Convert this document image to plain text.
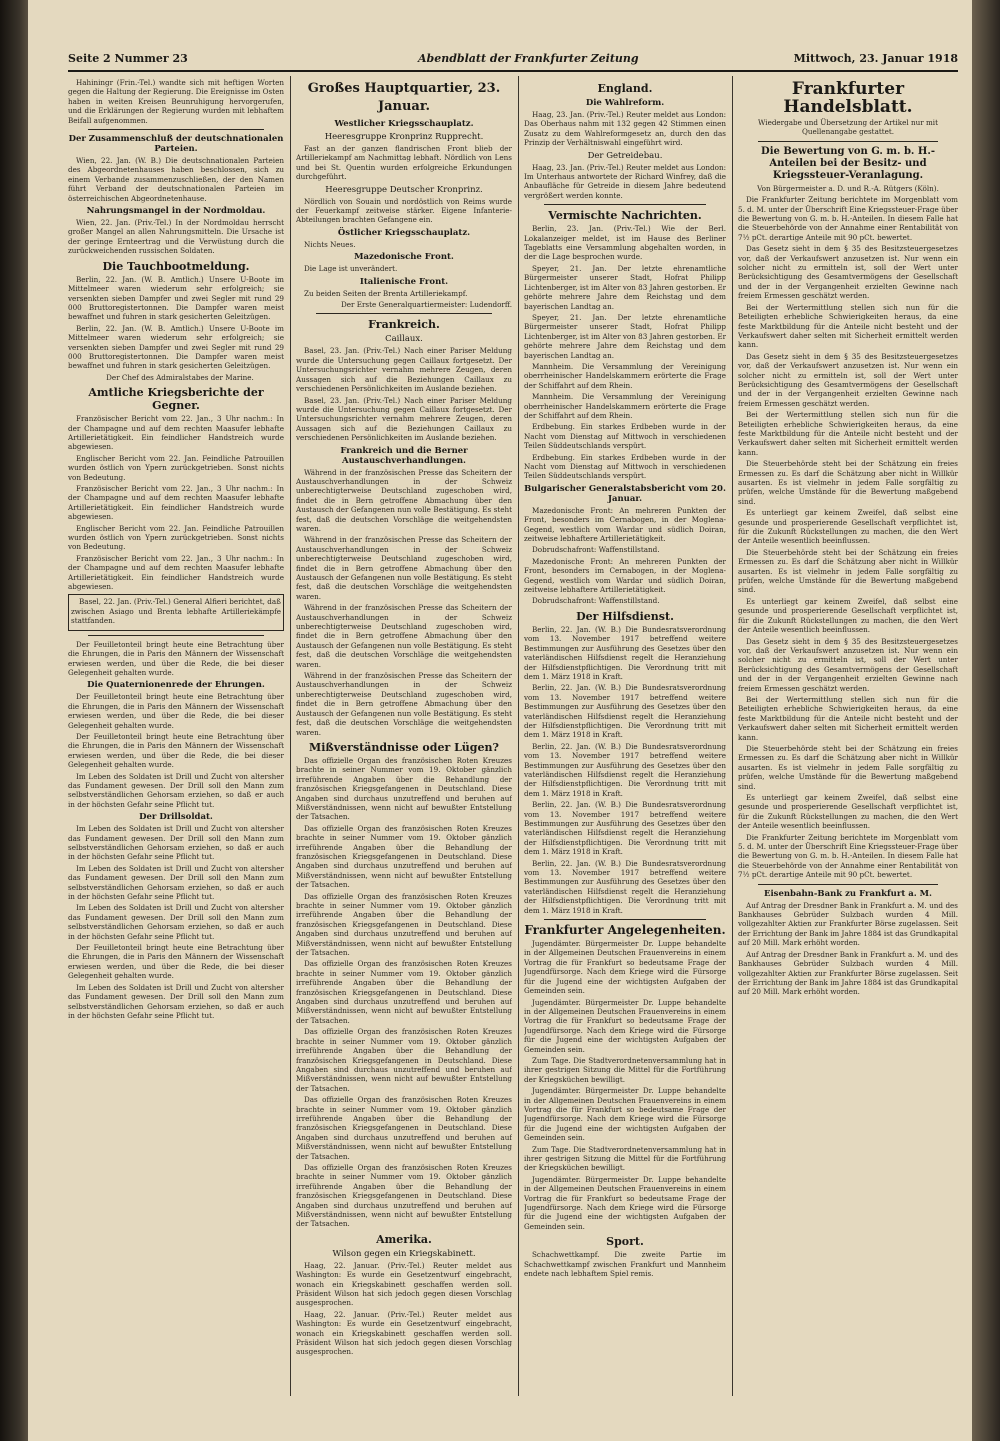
Seite 2 Nummer 23	Abendblatt der Frankfurter Zeitung	Mittwoch, 23. Januar 1918

Hahiningr (Frin.-Tel.) wandte sich mit heftigen Worten gegen die Haltung der Regierung. Die Ereignisse im Osten haben in weiten Kreisen Beunruhigung hervorgerufen, und die Erklärungen der Regierung wurden mit lebhaftem Beifall aufgenommen.

Der Zusammenschluß der deutschnationalen Parteien.

Wien, 22. Jan. (W. B.) Die deutschnationalen Parteien des Abgeordnetenhauses haben beschlossen, sich zu einem Verbande zusammenzuschließen, der den Namen führt Verband der deutschnationalen Parteien im österreichischen Abgeordnetenhause.

Nahrungsmangel in der Nordmoldau.

Wien, 22. Jan. (Priv.-Tel.) In der Nordmoldau herrscht großer Mangel an allen Nahrungsmitteln. Die Ursache ist der geringe Ernteertrag und die Verwüstung durch die zurückweichenden russischen Soldaten.

Die Tauchbootmeldung.

Berlin, 22. Jan. (W. B. Amtlich.) Unsere U-Boote im Mittelmeer waren wiederum sehr erfolgreich; sie versenkten sieben Dampfer und zwei Segler mit rund 29 000 Bruttoregistertonnen. Die Dampfer waren meist bewaffnet und fuhren in stark gesicherten Geleitzügen.

Berlin, 22. Jan. (W. B. Amtlich.) Unsere U-Boote im Mittelmeer waren wiederum sehr erfolgreich; sie versenkten sieben Dampfer und zwei Segler mit rund 29 000 Bruttoregistertonnen. Die Dampfer waren meist bewaffnet und fuhren in stark gesicherten Geleitzügen.

Der Chef des Admiralstabes der Marine.

Amtliche Kriegsberichte der Gegner.

Französischer Bericht vom 22. Jan., 3 Uhr nachm.: In der Champagne und auf dem rechten Maasufer lebhafte Artillerietätigkeit. Ein feindlicher Handstreich wurde abgewiesen.

Englischer Bericht vom 22. Jan. Feindliche Patrouillen wurden östlich von Ypern zurückgetrieben. Sonst nichts von Bedeutung.

Französischer Bericht vom 22. Jan., 3 Uhr nachm.: In der Champagne und auf dem rechten Maasufer lebhafte Artillerietätigkeit. Ein feindlicher Handstreich wurde abgewiesen.

Englischer Bericht vom 22. Jan. Feindliche Patrouillen wurden östlich von Ypern zurückgetrieben. Sonst nichts von Bedeutung.

Französischer Bericht vom 22. Jan., 3 Uhr nachm.: In der Champagne und auf dem rechten Maasufer lebhafte Artillerietätigkeit. Ein feindlicher Handstreich wurde abgewiesen.

Basel, 22. Jan. (Priv.-Tel.) General Alfieri berichtet, daß zwischen Asiago und Brenta lebhafte Artilleriekämpfe stattfanden.

Der Feuilletonteil bringt heute eine Betrachtung über die Ehrungen, die in Paris den Männern der Wissenschaft erwiesen werden, und über die Rede, die bei dieser Gelegenheit gehalten wurde.

Die Quaternionenrede der Ehrungen.

Der Feuilletonteil bringt heute eine Betrachtung über die Ehrungen, die in Paris den Männern der Wissenschaft erwiesen werden, und über die Rede, die bei dieser Gelegenheit gehalten wurde.

Der Feuilletonteil bringt heute eine Betrachtung über die Ehrungen, die in Paris den Männern der Wissenschaft erwiesen werden, und über die Rede, die bei dieser Gelegenheit gehalten wurde.

Im Leben des Soldaten ist Drill und Zucht von altersher das Fundament gewesen. Der Drill soll den Mann zum selbstverständlichen Gehorsam erziehen, so daß er auch in der höchsten Gefahr seine Pflicht tut.

Der Drillsoldat.

Im Leben des Soldaten ist Drill und Zucht von altersher das Fundament gewesen. Der Drill soll den Mann zum selbstverständlichen Gehorsam erziehen, so daß er auch in der höchsten Gefahr seine Pflicht tut.

Im Leben des Soldaten ist Drill und Zucht von altersher das Fundament gewesen. Der Drill soll den Mann zum selbstverständlichen Gehorsam erziehen, so daß er auch in der höchsten Gefahr seine Pflicht tut.

Im Leben des Soldaten ist Drill und Zucht von altersher das Fundament gewesen. Der Drill soll den Mann zum selbstverständlichen Gehorsam erziehen, so daß er auch in der höchsten Gefahr seine Pflicht tut.

Der Feuilletonteil bringt heute eine Betrachtung über die Ehrungen, die in Paris den Männern der Wissenschaft erwiesen werden, und über die Rede, die bei dieser Gelegenheit gehalten wurde.

Im Leben des Soldaten ist Drill und Zucht von altersher das Fundament gewesen. Der Drill soll den Mann zum selbstverständlichen Gehorsam erziehen, so daß er auch in der höchsten Gefahr seine Pflicht tut.

Großes Hauptquartier, 23. Januar.
Westlicher Kriegsschauplatz.
Heeresgruppe Kronprinz Rupprecht.

Fast an der ganzen flandrischen Front blieb der Artilleriekampf am Nachmittag lebhaft. Nördlich von Lens und bei St. Quentin wurden erfolgreiche Erkundungen durchgeführt.

Heeresgruppe Deutscher Kronprinz.

Nördlich von Souain und nordöstlich von Reims wurde der Feuerkampf zeitweise stärker. Eigene Infanterie-Abteilungen brachten Gefangene ein.

Östlicher Kriegsschauplatz.

Nichts Neues.

Mazedonische Front.

Die Lage ist unverändert.

Italienische Front.

Zu beiden Seiten der Brenta Artilleriekampf.

Der Erste Generalquartiermeister: Ludendorff.

Frankreich.
Caillaux.

Basel, 23. Jan. (Priv.-Tel.) Nach einer Pariser Meldung wurde die Untersuchung gegen Caillaux fortgesetzt. Der Untersuchungsrichter vernahm mehrere Zeugen, deren Aussagen sich auf die Beziehungen Caillaux zu verschiedenen Persönlichkeiten im Auslande beziehen.

Basel, 23. Jan. (Priv.-Tel.) Nach einer Pariser Meldung wurde die Untersuchung gegen Caillaux fortgesetzt. Der Untersuchungsrichter vernahm mehrere Zeugen, deren Aussagen sich auf die Beziehungen Caillaux zu verschiedenen Persönlichkeiten im Auslande beziehen.

Frankreich und die Berner Austauschverhandlungen.

Während in der französischen Presse das Scheitern der Austauschverhandlungen in der Schweiz unberechtigterweise Deutschland zugeschoben wird, findet die in Bern getroffene Abmachung über den Austausch der Gefangenen nun volle Bestätigung. Es steht fest, daß die deutschen Vorschläge die weitgehendsten waren.

Während in der französischen Presse das Scheitern der Austauschverhandlungen in der Schweiz unberechtigterweise Deutschland zugeschoben wird, findet die in Bern getroffene Abmachung über den Austausch der Gefangenen nun volle Bestätigung. Es steht fest, daß die deutschen Vorschläge die weitgehendsten waren.

Während in der französischen Presse das Scheitern der Austauschverhandlungen in der Schweiz unberechtigterweise Deutschland zugeschoben wird, findet die in Bern getroffene Abmachung über den Austausch der Gefangenen nun volle Bestätigung. Es steht fest, daß die deutschen Vorschläge die weitgehendsten waren.

Während in der französischen Presse das Scheitern der Austauschverhandlungen in der Schweiz unberechtigterweise Deutschland zugeschoben wird, findet die in Bern getroffene Abmachung über den Austausch der Gefangenen nun volle Bestätigung. Es steht fest, daß die deutschen Vorschläge die weitgehendsten waren.

Mißverständnisse oder Lügen?

Das offizielle Organ des französischen Roten Kreuzes brachte in seiner Nummer vom 19. Oktober gänzlich irreführende Angaben über die Behandlung der französischen Kriegsgefangenen in Deutschland. Diese Angaben sind durchaus unzutreffend und beruhen auf Mißverständnissen, wenn nicht auf bewußter Entstellung der Tatsachen.

Das offizielle Organ des französischen Roten Kreuzes brachte in seiner Nummer vom 19. Oktober gänzlich irreführende Angaben über die Behandlung der französischen Kriegsgefangenen in Deutschland. Diese Angaben sind durchaus unzutreffend und beruhen auf Mißverständnissen, wenn nicht auf bewußter Entstellung der Tatsachen.

Das offizielle Organ des französischen Roten Kreuzes brachte in seiner Nummer vom 19. Oktober gänzlich irreführende Angaben über die Behandlung der französischen Kriegsgefangenen in Deutschland. Diese Angaben sind durchaus unzutreffend und beruhen auf Mißverständnissen, wenn nicht auf bewußter Entstellung der Tatsachen.

Das offizielle Organ des französischen Roten Kreuzes brachte in seiner Nummer vom 19. Oktober gänzlich irreführende Angaben über die Behandlung der französischen Kriegsgefangenen in Deutschland. Diese Angaben sind durchaus unzutreffend und beruhen auf Mißverständnissen, wenn nicht auf bewußter Entstellung der Tatsachen.

Das offizielle Organ des französischen Roten Kreuzes brachte in seiner Nummer vom 19. Oktober gänzlich irreführende Angaben über die Behandlung der französischen Kriegsgefangenen in Deutschland. Diese Angaben sind durchaus unzutreffend und beruhen auf Mißverständnissen, wenn nicht auf bewußter Entstellung der Tatsachen.

Das offizielle Organ des französischen Roten Kreuzes brachte in seiner Nummer vom 19. Oktober gänzlich irreführende Angaben über die Behandlung der französischen Kriegsgefangenen in Deutschland. Diese Angaben sind durchaus unzutreffend und beruhen auf Mißverständnissen, wenn nicht auf bewußter Entstellung der Tatsachen.

Das offizielle Organ des französischen Roten Kreuzes brachte in seiner Nummer vom 19. Oktober gänzlich irreführende Angaben über die Behandlung der französischen Kriegsgefangenen in Deutschland. Diese Angaben sind durchaus unzutreffend und beruhen auf Mißverständnissen, wenn nicht auf bewußter Entstellung der Tatsachen.

Amerika.
Wilson gegen ein Kriegskabinett.

Haag, 22. Januar. (Priv.-Tel.) Reuter meldet aus Washington: Es wurde ein Gesetzentwurf eingebracht, wonach ein Kriegskabinett geschaffen werden soll. Präsident Wilson hat sich jedoch gegen diesen Vorschlag ausgesprochen.

Haag, 22. Januar. (Priv.-Tel.) Reuter meldet aus Washington: Es wurde ein Gesetzentwurf eingebracht, wonach ein Kriegskabinett geschaffen werden soll. Präsident Wilson hat sich jedoch gegen diesen Vorschlag ausgesprochen.

England.
Die Wahlreform.

Haag, 23. Jan. (Priv.-Tel.) Reuter meldet aus London: Das Oberhaus nahm mit 132 gegen 42 Stimmen einen Zusatz zu dem Wahlreformgesetz an, durch den das Prinzip der Verhältniswahl eingeführt wird.

Der Getreidebau.

Haag, 23. Jan. (Priv.-Tel.) Reuter meldet aus London: Im Unterhaus antwortete der Richard Winfrey, daß die Anbaufläche für Getreide in diesem Jahre bedeutend vergrößert werden konnte.

Vermischte Nachrichten.

Berlin, 23. Jan. (Priv.-Tel.) Wie der Berl. Lokalanzeiger meldet, ist im Hause des Berliner Tageblatts eine Versammlung abgehalten worden, in der die Lage besprochen wurde.

Speyer, 21. Jan. Der letzte ehrenamtliche Bürgermeister unserer Stadt, Hofrat Philipp Lichtenberger, ist im Alter von 83 Jahren gestorben. Er gehörte mehrere Jahre dem Reichstag und dem bayerischen Landtag an.

Speyer, 21. Jan. Der letzte ehrenamtliche Bürgermeister unserer Stadt, Hofrat Philipp Lichtenberger, ist im Alter von 83 Jahren gestorben. Er gehörte mehrere Jahre dem Reichstag und dem bayerischen Landtag an.

Mannheim. Die Versammlung der Vereinigung oberrheinischer Handelskammern erörterte die Frage der Schiffahrt auf dem Rhein.

Mannheim. Die Versammlung der Vereinigung oberrheinischer Handelskammern erörterte die Frage der Schiffahrt auf dem Rhein.

Erdbebung. Ein starkes Erdbeben wurde in der Nacht vom Dienstag auf Mittwoch in verschiedenen Teilen Süddeutschlands verspürt.

Erdbebung. Ein starkes Erdbeben wurde in der Nacht vom Dienstag auf Mittwoch in verschiedenen Teilen Süddeutschlands verspürt.

Bulgarischer Generalstabsbericht vom 20. Januar.

Mazedonische Front: An mehreren Punkten der Front, besonders im Cernabogen, in der Moglena-Gegend, westlich vom Wardar und südlich Doiran, zeitweise lebhaftere Artillerietätigkeit.

Dobrudschafront: Waffenstillstand.

Mazedonische Front: An mehreren Punkten der Front, besonders im Cernabogen, in der Moglena-Gegend, westlich vom Wardar und südlich Doiran, zeitweise lebhaftere Artillerietätigkeit.

Dobrudschafront: Waffenstillstand.

Der Hilfsdienst.

Berlin, 22. Jan. (W. B.) Die Bundesratsverordnung vom 13. November 1917 betreffend weitere Bestimmungen zur Ausführung des Gesetzes über den vaterländischen Hilfsdienst regelt die Heranziehung der Hilfsdienstpflichtigen. Die Verordnung tritt mit dem 1. März 1918 in Kraft.

Berlin, 22. Jan. (W. B.) Die Bundesratsverordnung vom 13. November 1917 betreffend weitere Bestimmungen zur Ausführung des Gesetzes über den vaterländischen Hilfsdienst regelt die Heranziehung der Hilfsdienstpflichtigen. Die Verordnung tritt mit dem 1. März 1918 in Kraft.

Berlin, 22. Jan. (W. B.) Die Bundesratsverordnung vom 13. November 1917 betreffend weitere Bestimmungen zur Ausführung des Gesetzes über den vaterländischen Hilfsdienst regelt die Heranziehung der Hilfsdienstpflichtigen. Die Verordnung tritt mit dem 1. März 1918 in Kraft.

Berlin, 22. Jan. (W. B.) Die Bundesratsverordnung vom 13. November 1917 betreffend weitere Bestimmungen zur Ausführung des Gesetzes über den vaterländischen Hilfsdienst regelt die Heranziehung der Hilfsdienstpflichtigen. Die Verordnung tritt mit dem 1. März 1918 in Kraft.

Berlin, 22. Jan. (W. B.) Die Bundesratsverordnung vom 13. November 1917 betreffend weitere Bestimmungen zur Ausführung des Gesetzes über den vaterländischen Hilfsdienst regelt die Heranziehung der Hilfsdienstpflichtigen. Die Verordnung tritt mit dem 1. März 1918 in Kraft.

Frankfurter Angelegenheiten.

Jugendämter. Bürgermeister Dr. Luppe behandelte in der Allgemeinen Deutschen Frauenvereins in einem Vortrag die für Frankfurt so bedeutsame Frage der Jugendfürsorge. Nach dem Kriege wird die Fürsorge für die Jugend eine der wichtigsten Aufgaben der Gemeinden sein.

Jugendämter. Bürgermeister Dr. Luppe behandelte in der Allgemeinen Deutschen Frauenvereins in einem Vortrag die für Frankfurt so bedeutsame Frage der Jugendfürsorge. Nach dem Kriege wird die Fürsorge für die Jugend eine der wichtigsten Aufgaben der Gemeinden sein.

Zum Tage. Die Stadtverordnetenversammlung hat in ihrer gestrigen Sitzung die Mittel für die Fortführung der Kriegsküchen bewilligt.

Jugendämter. Bürgermeister Dr. Luppe behandelte in der Allgemeinen Deutschen Frauenvereins in einem Vortrag die für Frankfurt so bedeutsame Frage der Jugendfürsorge. Nach dem Kriege wird die Fürsorge für die Jugend eine der wichtigsten Aufgaben der Gemeinden sein.

Zum Tage. Die Stadtverordnetenversammlung hat in ihrer gestrigen Sitzung die Mittel für die Fortführung der Kriegsküchen bewilligt.

Jugendämter. Bürgermeister Dr. Luppe behandelte in der Allgemeinen Deutschen Frauenvereins in einem Vortrag die für Frankfurt so bedeutsame Frage der Jugendfürsorge. Nach dem Kriege wird die Fürsorge für die Jugend eine der wichtigsten Aufgaben der Gemeinden sein.

Sport.

Schachwettkampf. Die zweite Partie im Schachwettkampf zwischen Frankfurt und Mannheim endete nach lebhaftem Spiel remis.

Frankfurter Handelsblatt.

Wiedergabe und Übersetzung der Artikel nur mit Quellenangabe gestattet.

Die Bewertung von G. m. b. H.-Anteilen bei der Besitz- und Kriegssteuer-Veranlagung.

Von Bürgermeister a. D. und R.-A. Rütgers (Köln).

Die Frankfurter Zeitung berichtete im Morgenblatt vom 5. d. M. unter der Überschrift Eine Kriegssteuer-Frage über die Bewertung von G. m. b. H.-Anteilen. In diesem Falle hat die Steuerbehörde von der Annahme einer Rentabilität von 7½ pCt. derartige Anteile mit 90 pCt. bewertet.

Das Gesetz sieht in dem § 35 des Besitzsteuergesetzes vor, daß der Verkaufswert anzusetzen ist. Nur wenn ein solcher nicht zu ermitteln ist, soll der Wert unter Berücksichtigung des Gesamtvermögens der Gesellschaft und der in der Vergangenheit erzielten Gewinne nach freiem Ermessen geschätzt werden.

Bei der Wertermittlung stellen sich nun für die Beteiligten erhebliche Schwierigkeiten heraus, da eine feste Marktbildung für die Anteile nicht besteht und der Verkaufswert daher selten mit Sicherheit ermittelt werden kann.

Das Gesetz sieht in dem § 35 des Besitzsteuergesetzes vor, daß der Verkaufswert anzusetzen ist. Nur wenn ein solcher nicht zu ermitteln ist, soll der Wert unter Berücksichtigung des Gesamtvermögens der Gesellschaft und der in der Vergangenheit erzielten Gewinne nach freiem Ermessen geschätzt werden.

Bei der Wertermittlung stellen sich nun für die Beteiligten erhebliche Schwierigkeiten heraus, da eine feste Marktbildung für die Anteile nicht besteht und der Verkaufswert daher selten mit Sicherheit ermittelt werden kann.

Die Steuerbehörde steht bei der Schätzung ein freies Ermessen zu. Es darf die Schätzung aber nicht in Willkür ausarten. Es ist vielmehr in jedem Falle sorgfältig zu prüfen, welche Umstände für die Bewertung maßgebend sind.

Es unterliegt gar keinem Zweifel, daß selbst eine gesunde und prosperierende Gesellschaft verpflichtet ist, für die Zukunft Rückstellungen zu machen, die den Wert der Anteile wesentlich beeinflussen.

Die Steuerbehörde steht bei der Schätzung ein freies Ermessen zu. Es darf die Schätzung aber nicht in Willkür ausarten. Es ist vielmehr in jedem Falle sorgfältig zu prüfen, welche Umstände für die Bewertung maßgebend sind.

Es unterliegt gar keinem Zweifel, daß selbst eine gesunde und prosperierende Gesellschaft verpflichtet ist, für die Zukunft Rückstellungen zu machen, die den Wert der Anteile wesentlich beeinflussen.

Das Gesetz sieht in dem § 35 des Besitzsteuergesetzes vor, daß der Verkaufswert anzusetzen ist. Nur wenn ein solcher nicht zu ermitteln ist, soll der Wert unter Berücksichtigung des Gesamtvermögens der Gesellschaft und der in der Vergangenheit erzielten Gewinne nach freiem Ermessen geschätzt werden.

Bei der Wertermittlung stellen sich nun für die Beteiligten erhebliche Schwierigkeiten heraus, da eine feste Marktbildung für die Anteile nicht besteht und der Verkaufswert daher selten mit Sicherheit ermittelt werden kann.

Die Steuerbehörde steht bei der Schätzung ein freies Ermessen zu. Es darf die Schätzung aber nicht in Willkür ausarten. Es ist vielmehr in jedem Falle sorgfältig zu prüfen, welche Umstände für die Bewertung maßgebend sind.

Es unterliegt gar keinem Zweifel, daß selbst eine gesunde und prosperierende Gesellschaft verpflichtet ist, für die Zukunft Rückstellungen zu machen, die den Wert der Anteile wesentlich beeinflussen.

Die Frankfurter Zeitung berichtete im Morgenblatt vom 5. d. M. unter der Überschrift Eine Kriegssteuer-Frage über die Bewertung von G. m. b. H.-Anteilen. In diesem Falle hat die Steuerbehörde von der Annahme einer Rentabilität von 7½ pCt. derartige Anteile mit 90 pCt. bewertet.

Eisenbahn-Bank zu Frankfurt a. M.

Auf Antrag der Dresdner Bank in Frankfurt a. M. und des Bankhauses Gebrüder Sulzbach wurden 4 Mill. vollgezahlter Aktien zur Frankfurter Börse zugelassen. Seit der Errichtung der Bank im Jahre 1884 ist das Grundkapital auf 20 Mill. Mark erhöht worden.

Auf Antrag der Dresdner Bank in Frankfurt a. M. und des Bankhauses Gebrüder Sulzbach wurden 4 Mill. vollgezahlter Aktien zur Frankfurter Börse zugelassen. Seit der Errichtung der Bank im Jahre 1884 ist das Grundkapital auf 20 Mill. Mark erhöht worden.
